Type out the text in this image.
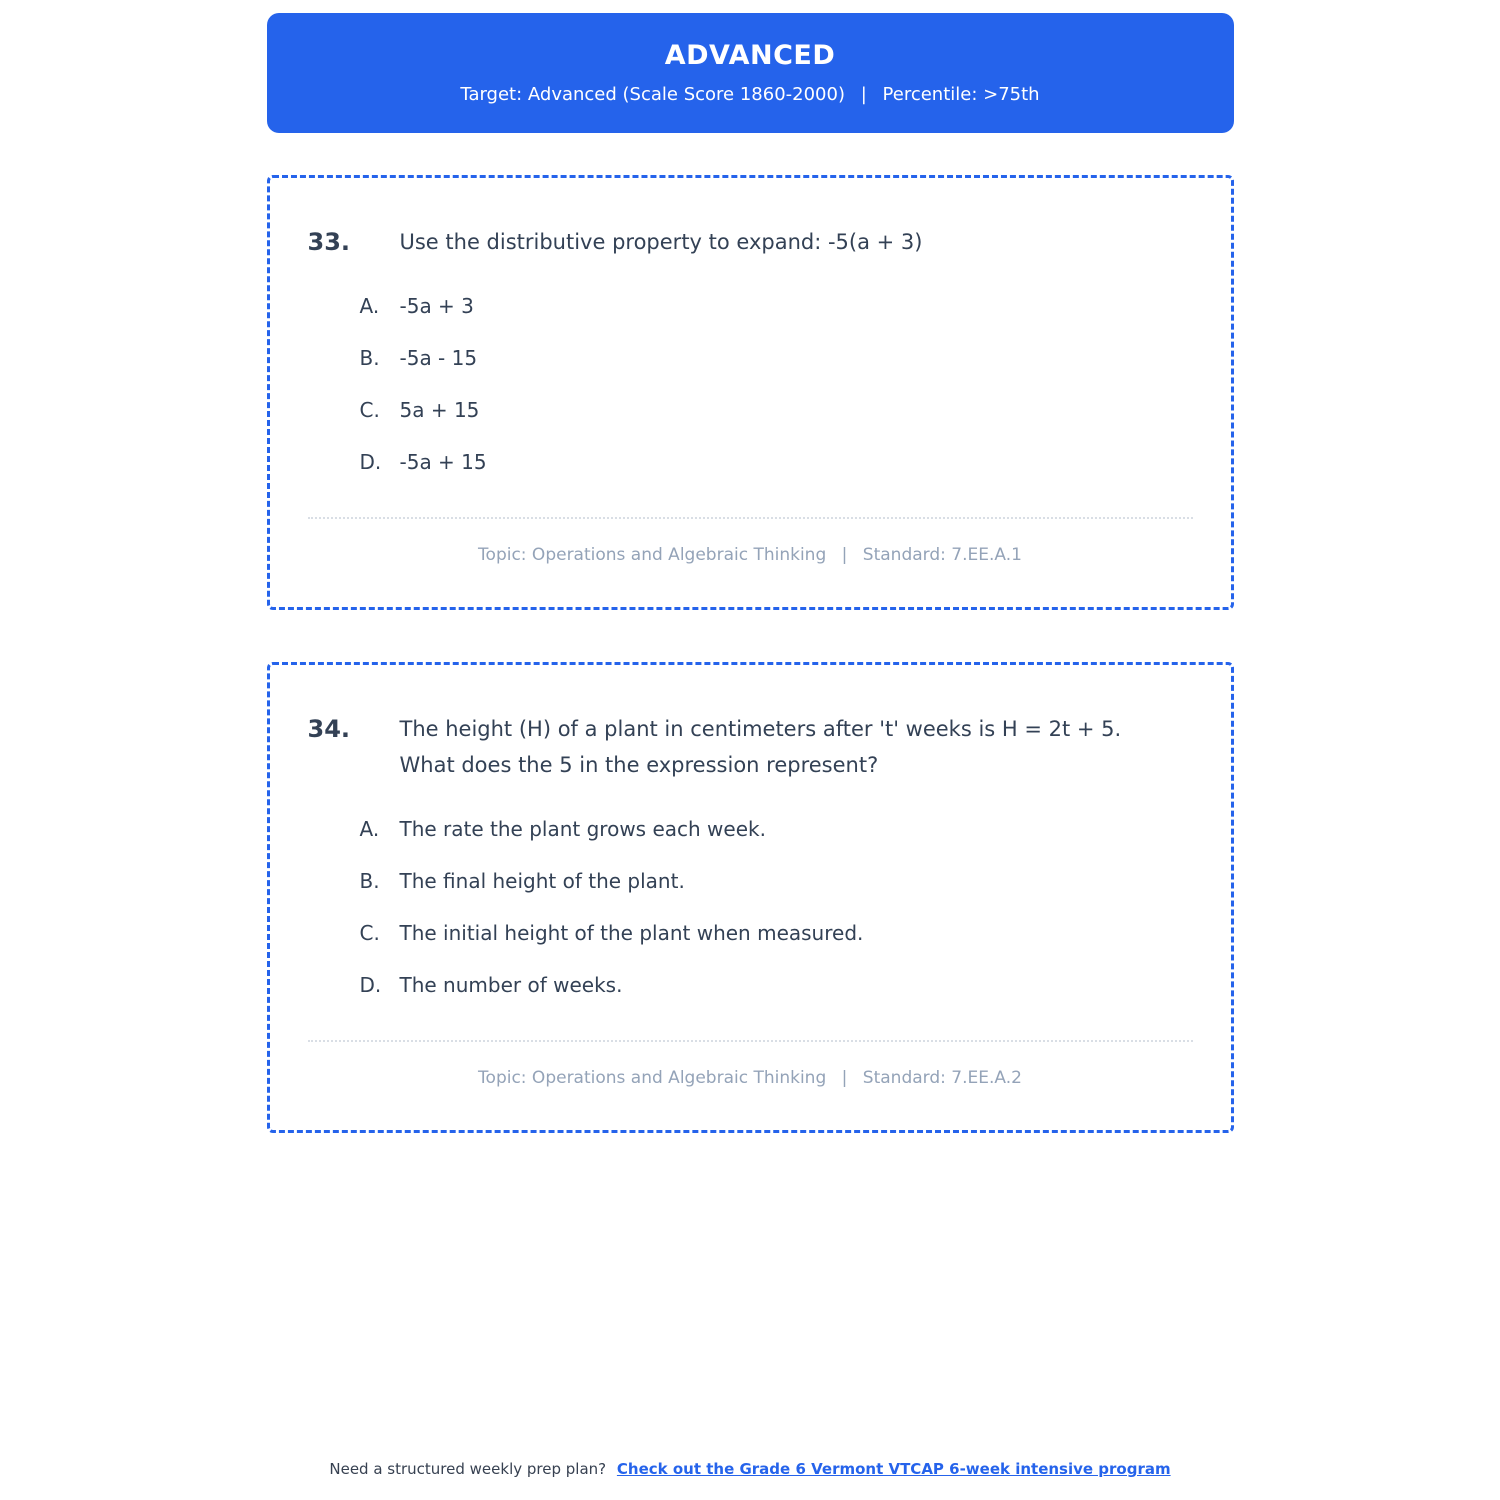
ADVANCED
Target: Advanced (Scale Score 1860-2000) | Percentile: >75th
33.	Use the distributive property to expand: -5(a + 3)

A.	-5a + 3
B. -5a - 15
C. 5a + 15
D. -5a + 15
Topic: Operations and Algebraic Thinking | Standard: 7.EE.A.1
34.	The height (H) of a plant in centimeters after 't' weeks is H = 2t + 5. What does the 5 in the expression represent?

A.	The rate the plant grows each week.
B. The final height of the plant.
C. The initial height of the plant when measured.
D. The number of weeks.
Topic: Operations and Algebraic Thinking | Standard: 7.EE.A.2
Need a structured weekly prep plan? Check out the Grade 6 Vermont VTCAP 6-week intensive program
